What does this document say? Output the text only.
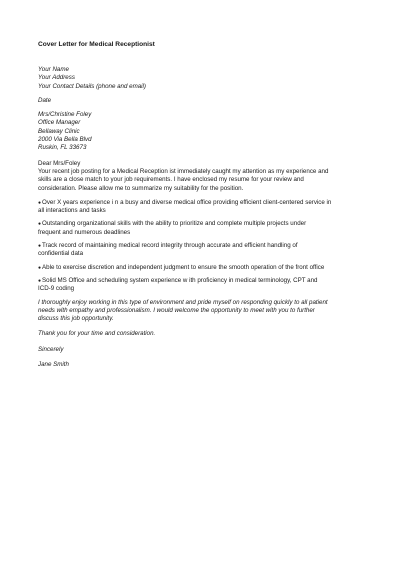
Cover Letter for Medical Receptionist

Your Name
Your Address
Your Contact Details (phone and email)
Date
Mrs/Christine Foley
Office Manager
Bellaway Clinic
2000 Via Bella Blvd
Ruskin, FL 33673
Dear Mrs/Foley
Your recent job posting for a Medical Reception ist immediately caught my attention as my experience and
skills are a close match to your job requirements. I have enclosed my resume for your review and
consideration. Please allow me to summarize my suitability for the position.
●Over X years experience i n a busy and diverse medical office providing efficient client-centered service in
all interactions and tasks
●Outstanding organizational skills with the ability to prioritize and complete multiple projects under
frequent and numerous deadlines
●Track record of maintaining medical record integrity through accurate and efficient handling of
confidential data
●Able to exercise discretion and independent judgment to ensure the smooth operation of the front office
●Solid MS Office and scheduling system experience w ith proficiency in medical terminology, CPT and
ICD-9 coding
I thoroughly enjoy working in this type of environment and pride myself on responding quickly to all patient
needs with empathy and professionalism. I would welcome the opportunity to meet with you to further
discuss this job opportunity.
Thank you for your time and consideration.
Sincerely
Jane Smith
